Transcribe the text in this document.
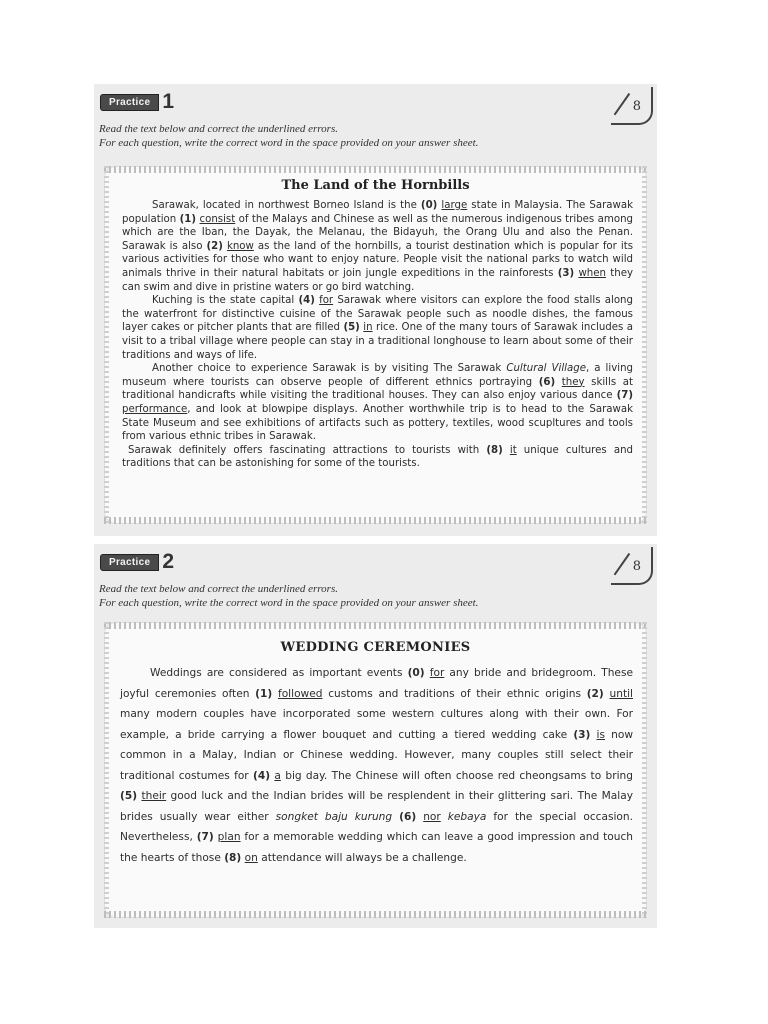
Practice 1	8
Read the text below and correct the underlined errors.
For each question, write the correct word in the space provided on your answer sheet.
The Land of the Hornbills

Sarawak, located in northwest Borneo Island is the (0) large state in Malaysia. The Sarawak population (1) consist of the Malays and Chinese as well as the numerous indigenous tribes among which are the Iban, the Dayak, the Melanau, the Bidayuh, the Orang Ulu and also the Penan. Sarawak is also (2) know as the land of the hornbills, a tourist destination which is popular for its various activities for those who want to enjoy nature. People visit the national parks to watch wild animals thrive in their natural habitats or join jungle expeditions in the rainforests (3) when they can swim and dive in pristine waters or go bird watching.

Kuching is the state capital (4) for Sarawak where visitors can explore the food stalls along the waterfront for distinctive cuisine of the Sarawak people such as noodle dishes, the famous layer cakes or pitcher plants that are filled (5) in rice. One of the many tours of Sarawak includes a visit to a tribal village where people can stay in a traditional longhouse to learn about some of their traditions and ways of life.

Another choice to experience Sarawak is by visiting The Sarawak Cultural Village, a living museum where tourists can observe people of different ethnics portraying (6) they skills at traditional handicrafts while visiting the traditional houses. They can also enjoy various dance (7) performance, and look at blowpipe displays. Another worthwhile trip is to head to the Sarawak State Museum and see exhibitions of artifacts such as pottery, textiles, wood scupltures and tools from various ethnic tribes in Sarawak.

Sarawak definitely offers fascinating attractions to tourists with (8) it unique cultures and traditions that can be astonishing for some of the tourists.

Practice 2	8
Read the text below and correct the underlined errors.
For each question, write the correct word in the space provided on your answer sheet.
WEDDING CEREMONIES

Weddings are considered as important events (0) for any bride and bridegroom. These joyful ceremonies often (1) followed customs and traditions of their ethnic origins (2) until many modern couples have incorporated some western cultures along with their own. For example, a bride carrying a flower bouquet and cutting a tiered wedding cake (3) is now common in a Malay, Indian or Chinese wedding. However, many couples still select their traditional costumes for (4) a big day. The Chinese will often choose red cheongsams to bring (5) their good luck and the Indian brides will be resplendent in their glittering sari. The Malay brides usually wear either songket baju kurung (6) nor kebaya for the special occasion. Nevertheless, (7) plan for a memorable wedding which can leave a good impression and touch the hearts of those (8) on attendance will always be a challenge.
